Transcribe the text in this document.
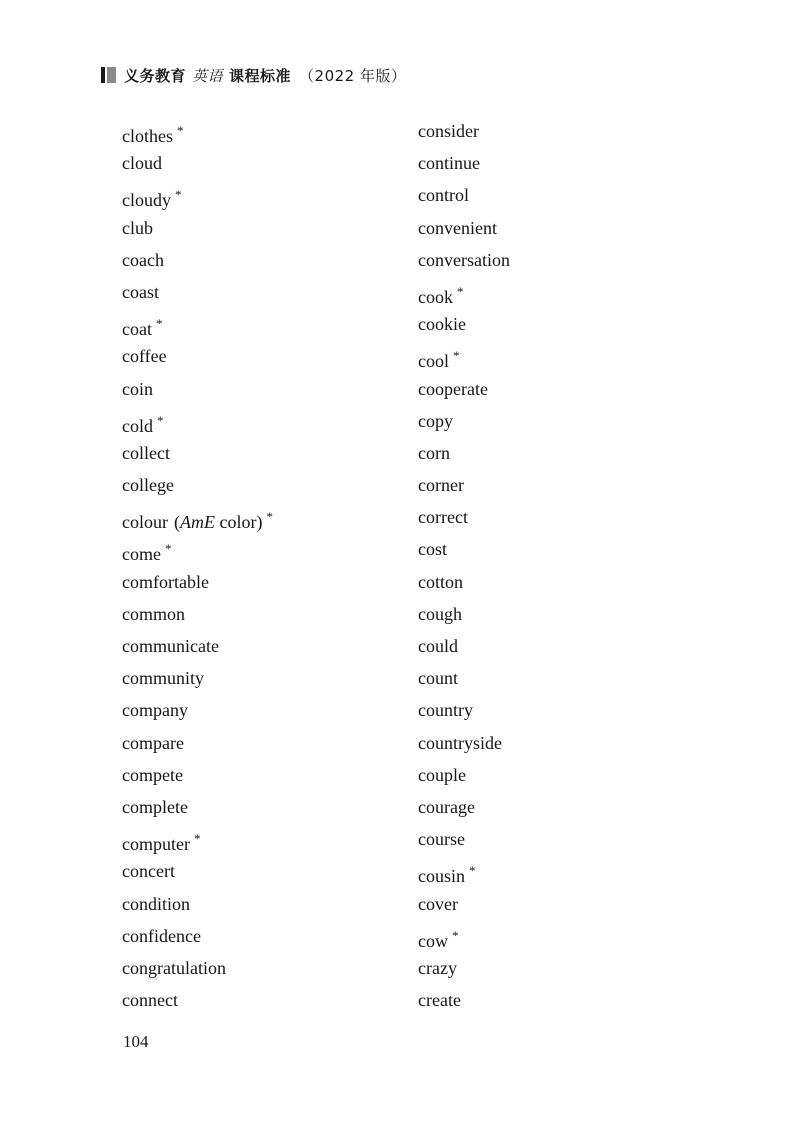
义务教育 英语 课程标准 （2022 年版）
clothes *
cloud
cloudy *
club
coach
coast
coat *
coffee
coin
cold *
collect
college
colour (AmE color) *
come *
comfortable
common
communicate
community
company
compare
compete
complete
computer *
concert
condition
confidence
congratulation
connect
consider
continue
control
convenient
conversation
cook *
cookie
cool *
cooperate
copy
corn
corner
correct
cost
cotton
cough
could
count
country
countryside
couple
courage
course
cousin *
cover
cow *
crazy
create
104
